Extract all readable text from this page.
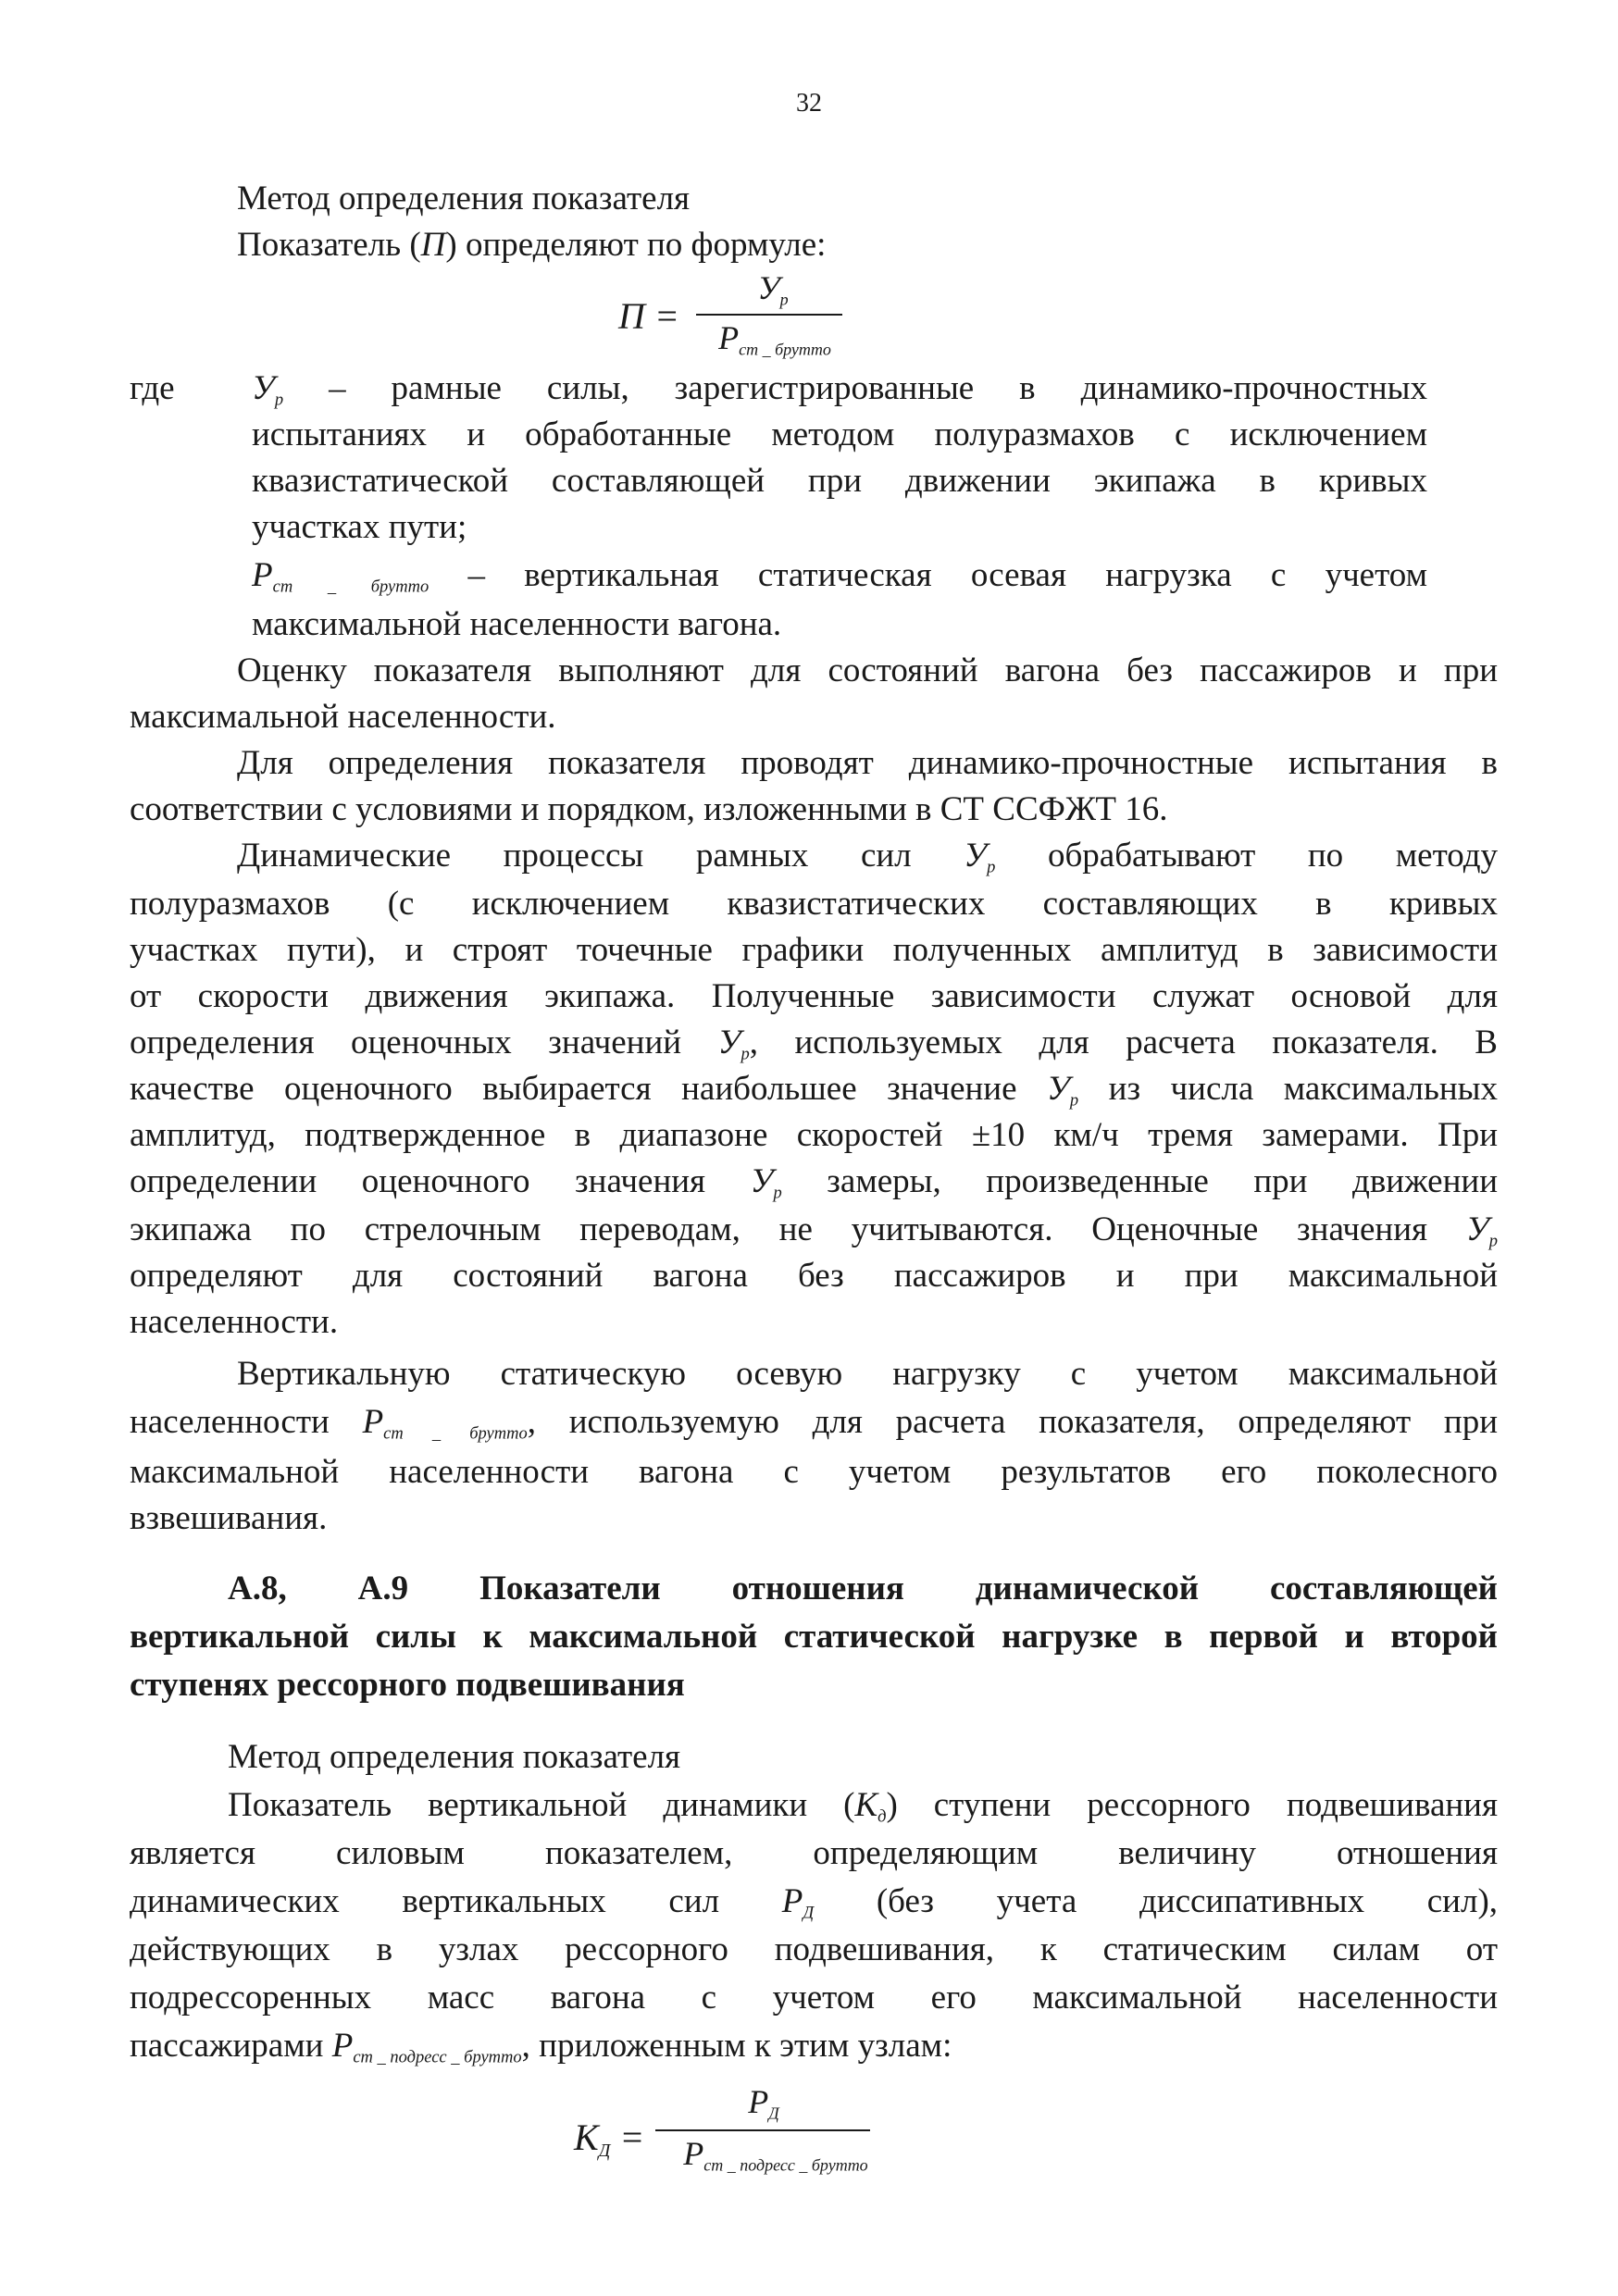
32
Метод определения показателя
Показатель (П) определяют по формуле:
П =
$У_р$
$P_{ст \_ брутто}$
где $У_р$ – рамные силы, зарегистрированные в динамико-прочностных
испытаниях и обработанные методом полуразмахов с исключением
квазистатической составляющей при движении экипажа в кривых
участках пути;
$P_{ст \_ брутто}$ – вертикальная статическая осевая нагрузка с учетом
максимальной населенности вагона.
Оценку показателя выполняют для состояний вагона без пассажиров и при
максимальной населенности.
Для определения показателя проводят динамико-прочностные испытания в
соответствии с условиями и порядком, изложенными в СТ ССФЖТ 16.
Динамические процессы рамных сил $У_р$ обрабатывают по методу
полуразмахов (с исключением квазистатических составляющих в кривых
участках пути), и строят точечные графики полученных амплитуд в зависимости
от скорости движения экипажа. Полученные зависимости служат основой для
определения оценочных значений $У_р$, используемых для расчета показателя. В
качестве оценочного выбирается наибольшее значение $У_р$ из числа максимальных
амплитуд, подтвержденное в диапазоне скоростей ±10 км/ч тремя замерами. При
определении оценочного значения $У_р$ замеры, произведенные при движении
экипажа по стрелочным переводам, не учитываются. Оценочные значения $У_р$
определяют для состояний вагона без пассажиров и при максимальной
населенности.
Вертикальную статическую осевую нагрузку с учетом максимальной
населенности $P_{ст \_ брутто}$, используемую для расчета показателя, определяют при
максимальной населенности вагона с учетом результатов его поколесного
взвешивания.
А.8, А.9 Показатели отношения динамической составляющей
вертикальной силы к максимальной статической нагрузке в первой и второй
ступенях рессорного подвешивания
Метод определения показателя
Показатель вертикальной динамики $(К_д)$ ступени рессорного подвешивания
является силовым показателем, определяющим величину отношения
динамических вертикальных сил $P_Д$ (без учета диссипативных сил),
действующих в узлах рессорного подвешивания, к статическим силам от
подрессоренных масс вагона с учетом его максимальной населенности
пассажирами $P_{ст \_ подресс \_ брутто}$, приложенным к этим узлам:
$К_Д$ =
$P_Д$
$P_{ст \_ подресс \_ брутто}$
